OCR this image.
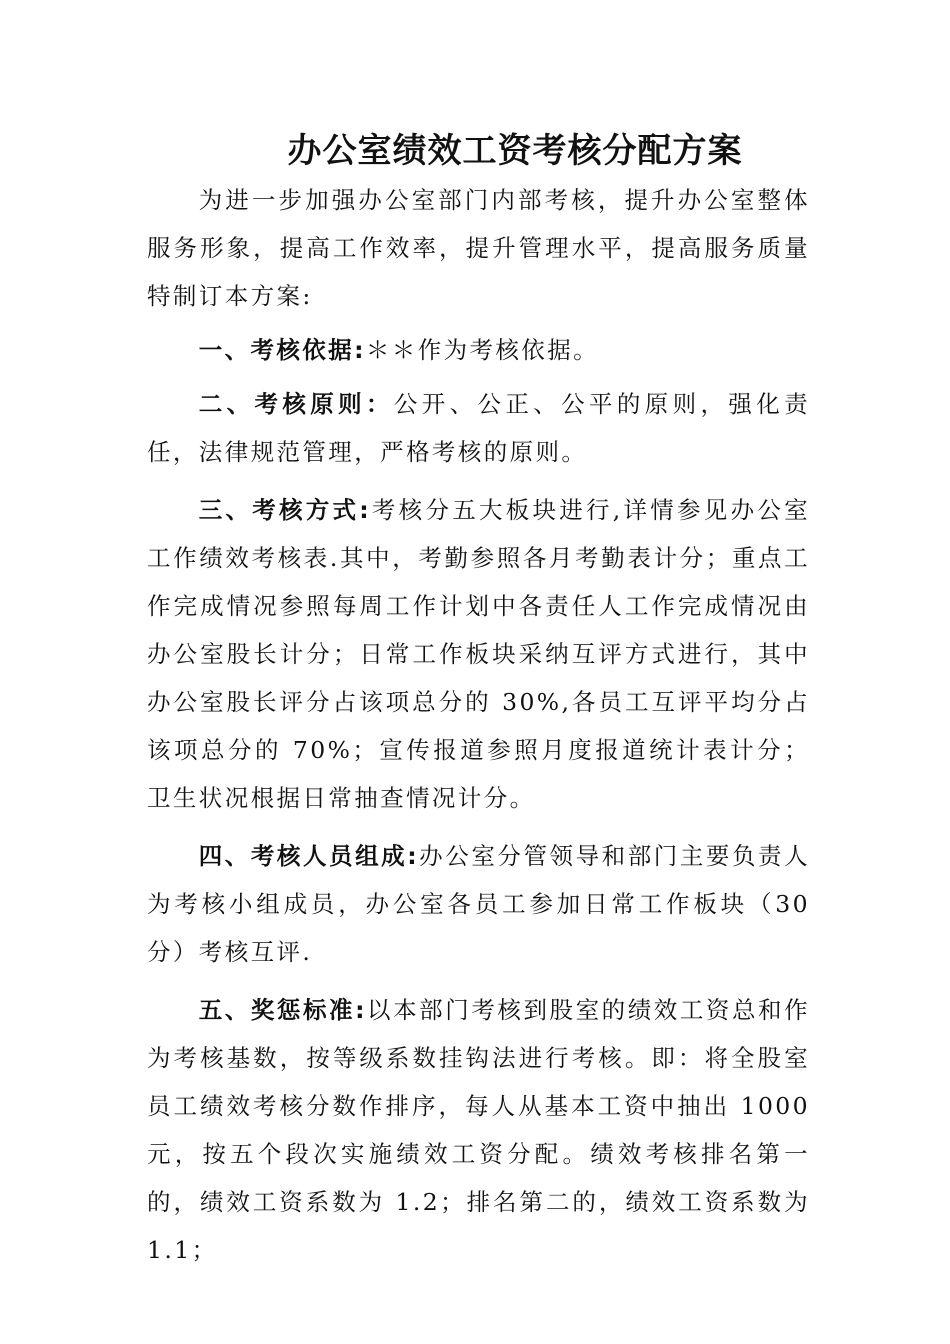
办公室绩效工资考核分配方案

为进一步加强办公室部门内部考核，提升办公室整体服务形象，提高工作效率，提升管理水平，提高服务质量特制订本方案:

一、考核依据:＊＊作为考核依据。

二、考核原则：公开、公正、公平的原则，强化责任，法律规范管理，严格考核的原则。

三、考核方式:考核分五大板块进行,详情参见办公室工作绩效考核表.其中，考勤参照各月考勤表计分；重点工作完成情况参照每周工作计划中各责任人工作完成情况由办公室股长计分；日常工作板块采纳互评方式进行，其中办公室股长评分占该项总分的 30%,各员工互评平均分占该项总分的 70%；宣传报道参照月度报道统计表计分；卫生状况根据日常抽查情况计分。

四、考核人员组成:办公室分管领导和部门主要负责人为考核小组成员，办公室各员工参加日常工作板块（30分）考核互评.

五、奖惩标准:以本部门考核到股室的绩效工资总和作为考核基数，按等级系数挂钩法进行考核。即：将全股室员工绩效考核分数作排序，每人从基本工资中抽出 1000元，按五个段次实施绩效工资分配。绩效考核排名第一的，绩效工资系数为 1.2；排名第二的，绩效工资系数为 1.1；
